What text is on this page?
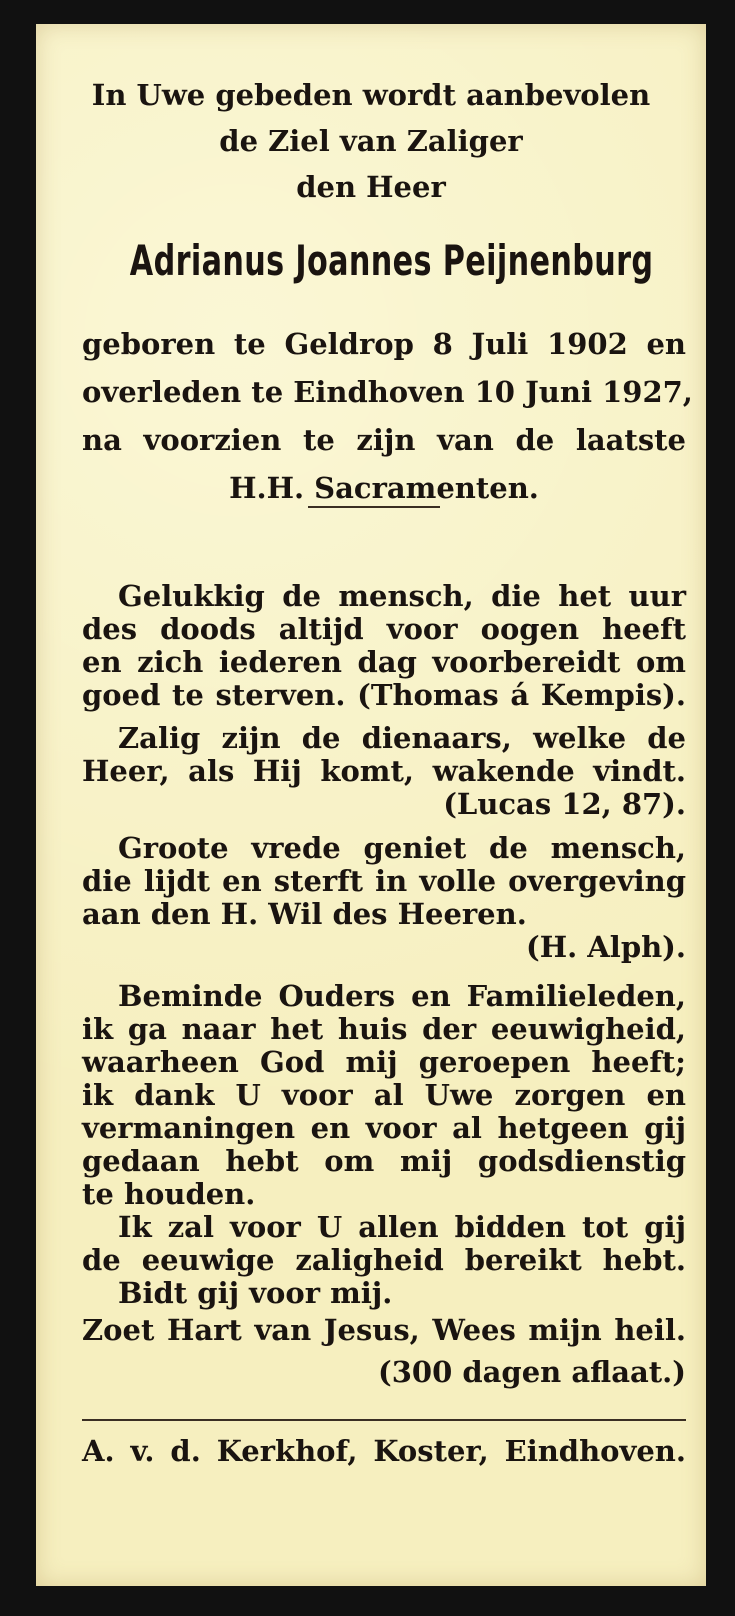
In Uwe gebeden wordt aanbevolen
de Ziel van Zaliger
den Heer
Adrianus Joannes Peijnenburg
geboren te Geldrop 8 Juli 1902 en
overleden te Eindhoven 10 Juni 1927,
na voorzien te zijn van de laatste
H.H. Sacramenten.
Gelukkig de mensch, die het uur
des doods altijd voor oogen heeft
en zich iederen dag voorbereidt om
goed te sterven. (Thomas á Kempis).
Zalig zijn de dienaars, welke de
Heer, als Hij komt, wakende vindt.
(Lucas 12, 87).
Groote vrede geniet de mensch,
die lijdt en sterft in volle overgeving
aan den H. Wil des Heeren.
(H. Alph).
Beminde Ouders en Familieleden,
ik ga naar het huis der eeuwigheid,
waarheen God mij geroepen heeft;
ik dank U voor al Uwe zorgen en
vermaningen en voor al hetgeen gij
gedaan hebt om mij godsdienstig
te houden.
Ik zal voor U allen bidden tot gij
de eeuwige zaligheid bereikt hebt.
Bidt gij voor mij.
Zoet Hart van Jesus, Wees mijn heil.
(300 dagen aflaat.)
A. v. d. Kerkhof, Koster, Eindhoven.
